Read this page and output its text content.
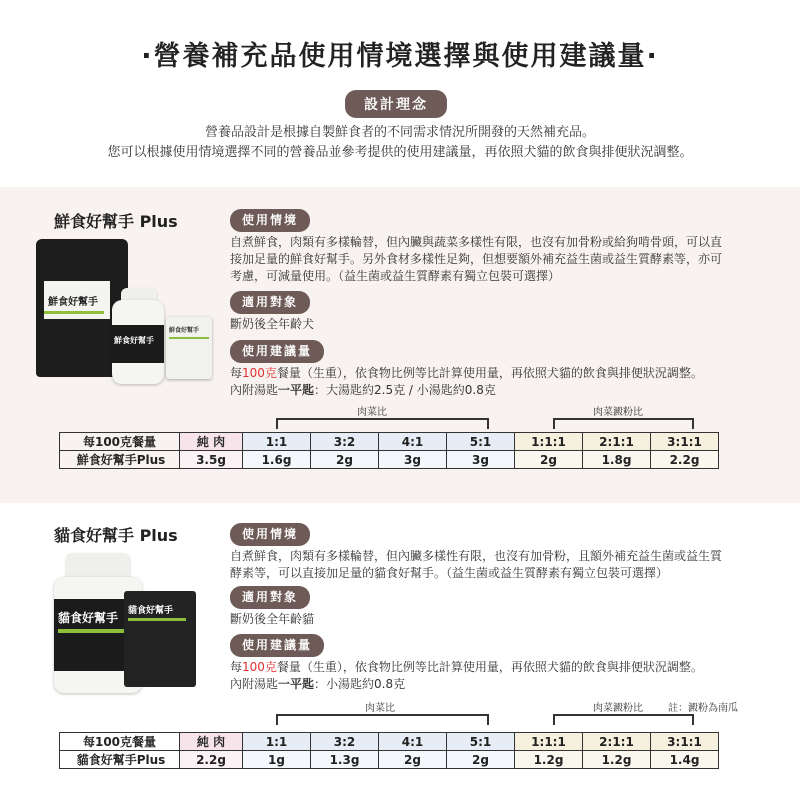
·營養補充品使用情境選擇與使用建議量·
設計理念
營養品設計是根據自製鮮食者的不同需求情況所開發的天然補充品。
您可以根據使用情境選擇不同的營養品並參考提供的使用建議量，再依照犬貓的飲食與排便狀況調整。
鮮食好幫手 Plus
鮮食好幫手
鮮食好幫手
鮮食好幫手
使用情境

自煮鮮食，肉類有多樣輪替，但內臟與蔬菜多樣性有限，也沒有加骨粉或給狗啃骨頭，可以直

接加足量的鮮食好幫手。另外食材多樣性足夠，但想要額外補充益生菌或益生質酵素等，亦可

考慮，可減量使用。（益生菌或益生質酵素有獨立包裝可選擇）

適用對象

斷奶後全年齡犬

使用建議量

每100克餐量（生重），依食物比例等比計算使用量，再依照犬貓的飲食與排便狀況調整。

內附湯匙一平匙：大湯匙約2.5克 / 小湯匙約0.8克

肉菜比	肉菜澱粉比
每100克餐量	純 肉	1:1	3:2	4:1	5:1	1:1:1	2:1:1	3:1:1
鮮食好幫手Plus	3.5g	1.6g	2g	3g	3g	2g	1.8g	2.2g
貓食好幫手 Plus
貓食好幫手 貓食好幫手
使用情境

自煮鮮食，肉類有多樣輪替，但內臟多樣性有限，也沒有加骨粉，且額外補充益生菌或益生質

酵素等，可以直接加足量的貓食好幫手。（益生菌或益生質酵素有獨立包裝可選擇）

適用對象

斷奶後全年齡貓

使用建議量

每100克餐量（生重），依食物比例等比計算使用量，再依照犬貓的飲食與排便狀況調整。

內附湯匙一平匙：小湯匙約0.8克

肉菜比	肉菜澱粉比	註：澱粉為南瓜
每100克餐量	純 肉	1:1	3:2	4:1	5:1	1:1:1	2:1:1	3:1:1
貓食好幫手Plus	2.2g	1g	1.3g	2g	2g	1.2g	1.2g	1.4g
